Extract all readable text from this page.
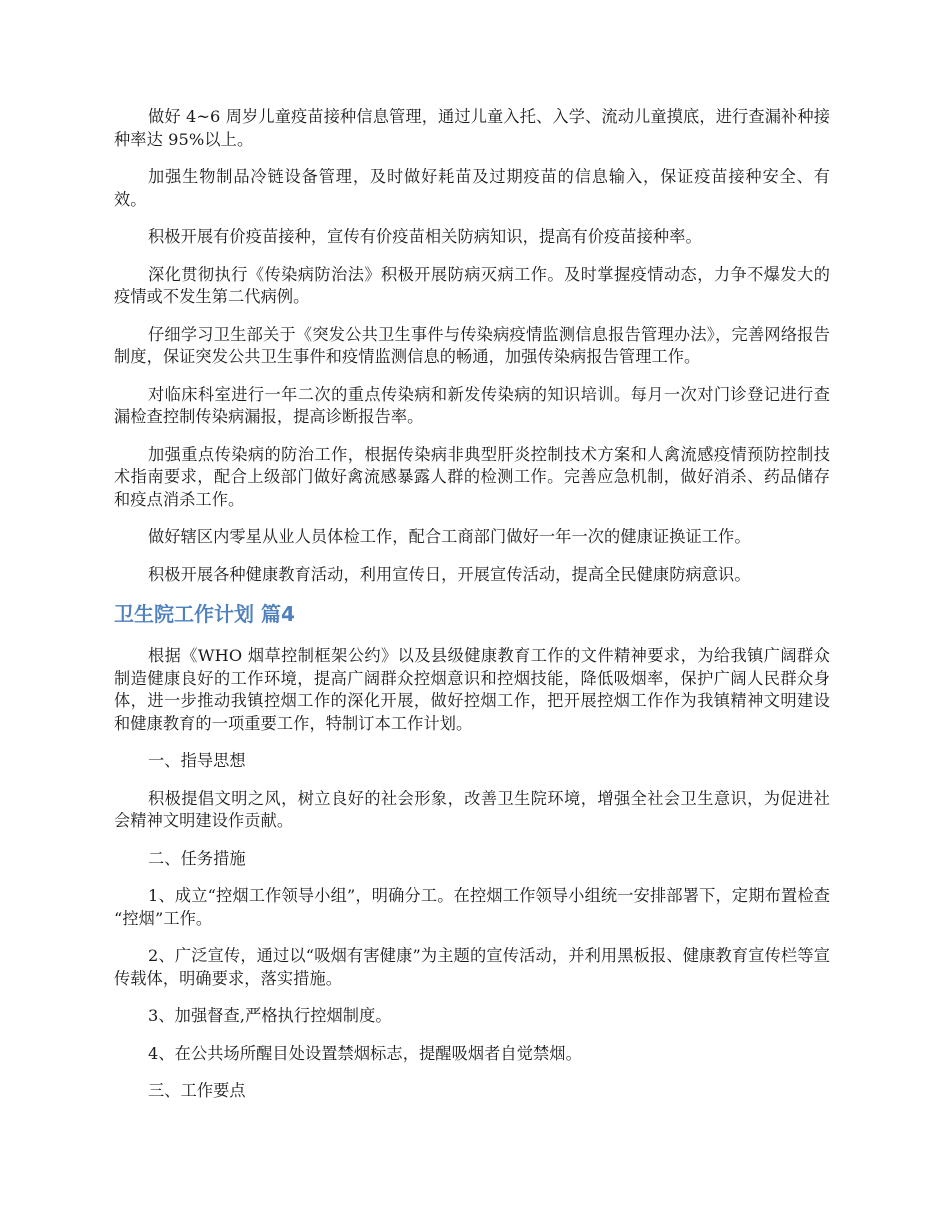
做好 4~6 周岁儿童疫苗接种信息管理，通过儿童入托、入学、流动儿童摸底，进行查漏补种接种率达 95%以上。

加强生物制品冷链设备管理，及时做好耗苗及过期疫苗的信息输入，保证疫苗接种安全、有效。

积极开展有价疫苗接种，宣传有价疫苗相关防病知识，提高有价疫苗接种率。

深化贯彻执行《传染病防治法》积极开展防病灭病工作。及时掌握疫情动态，力争不爆发大的疫情或不发生第二代病例。

仔细学习卫生部关于《突发公共卫生事件与传染病疫情监测信息报告管理办法》，完善网络报告制度，保证突发公共卫生事件和疫情监测信息的畅通，加强传染病报告管理工作。

对临床科室进行一年二次的重点传染病和新发传染病的知识培训。每月一次对门诊登记进行查漏检查控制传染病漏报，提高诊断报告率。

加强重点传染病的防治工作，根据传染病非典型肝炎控制技术方案和人禽流感疫情预防控制技术指南要求，配合上级部门做好禽流感暴露人群的检测工作。完善应急机制，做好消杀、药品储存和疫点消杀工作。

做好辖区内零星从业人员体检工作，配合工商部门做好一年一次的健康证换证工作。

积极开展各种健康教育活动，利用宣传日，开展宣传活动，提高全民健康防病意识。

卫生院工作计划 篇4

根据《WHO 烟草控制框架公约》以及县级健康教育工作的文件精神要求，为给我镇广阔群众制造健康良好的工作环境，提高广阔群众控烟意识和控烟技能，降低吸烟率，保护广阔人民群众身体，进一步推动我镇控烟工作的深化开展，做好控烟工作，把开展控烟工作作为我镇精神文明建设和健康教育的一项重要工作，特制订本工作计划。

一、指导思想

积极提倡文明之风，树立良好的社会形象，改善卫生院环境，增强全社会卫生意识，为促进社会精神文明建设作贡献。

二、任务措施

1、成立“控烟工作领导小组”，明确分工。在控烟工作领导小组统一安排部署下，定期布置检查 “控烟”工作。

2、广泛宣传，通过以“吸烟有害健康”为主题的宣传活动，并利用黑板报、健康教育宣传栏等宣传载体，明确要求，落实措施。

3、加强督查,严格执行控烟制度。

4、在公共场所醒目处设置禁烟标志，提醒吸烟者自觉禁烟。

三、工作要点
